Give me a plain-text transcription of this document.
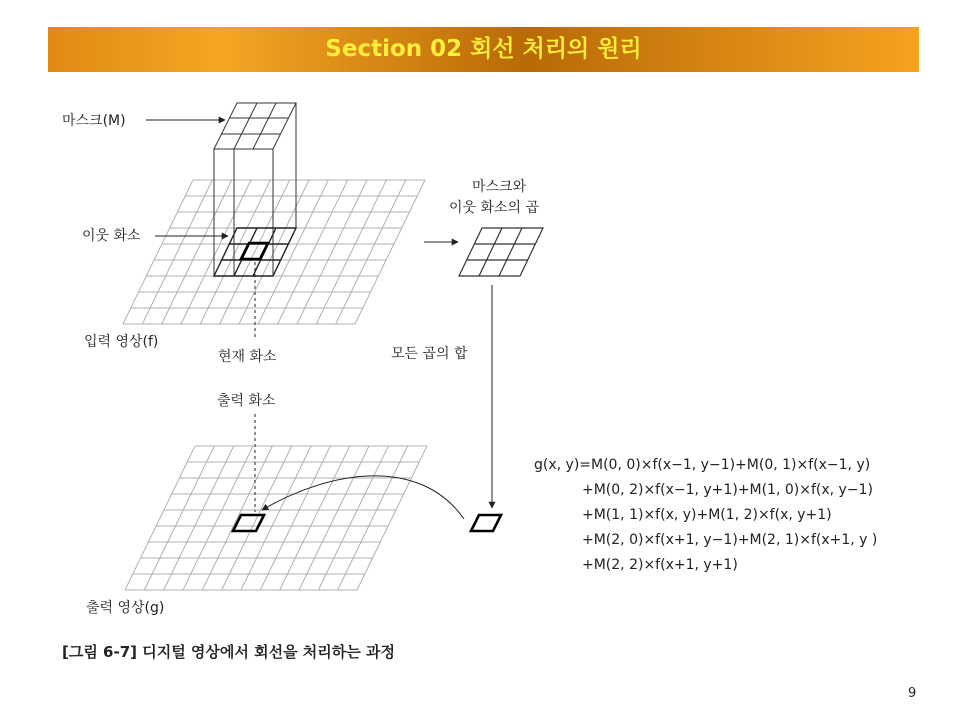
Section 02 회선 처리의 원리
마스크(M)
이웃 화소
입력 영상(f)
현재 화소
마스크와
이웃 화소의 곱
모든 곱의 합
출력 화소
출력 영상(g)
g(x, y)=M(0, 0)×f(x−1, y−1)+M(0, 1)×f(x−1, y)
+M(0, 2)×f(x−1, y+1)+M(1, 0)×f(x, y−1)
+M(1, 1)×f(x, y)+M(1, 2)×f(x, y+1)
+M(2, 0)×f(x+1, y−1)+M(2, 1)×f(x+1, y )
+M(2, 2)×f(x+1, y+1)
[그림 6-7] 디지털 영상에서 회선을 처리하는 과정
9
